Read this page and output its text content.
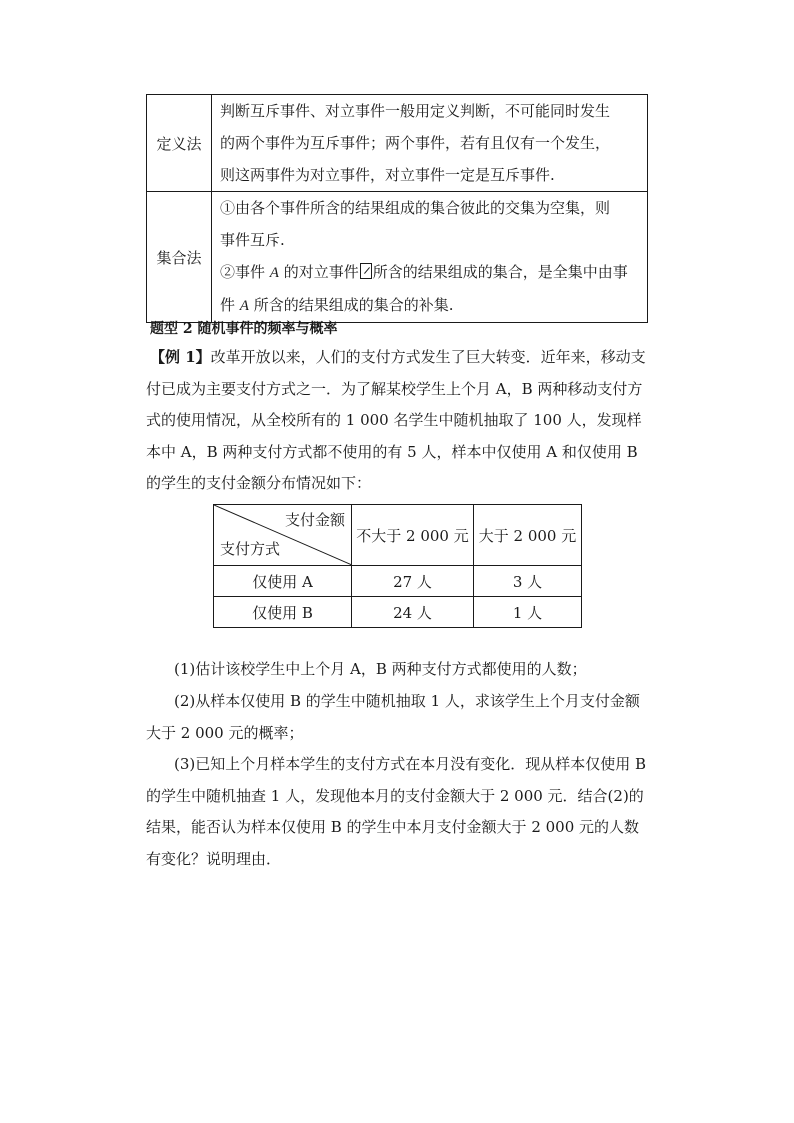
定义法	判断互斥事件、对立事件一般用定义判断，不可能同时发生
的两个事件为互斥事件；两个事件，若有且仅有一个发生，
则这两事件为对立事件，对立事件一定是互斥事件.

集合法	①由各个事件所含的结果组成的集合彼此的交集为空集，则
事件互斥.
②事件 A 的对立事件 所含的结果组成的集合，是全集中由事
件 A 所含的结果组成的集合的补集.
题型 2 随机事件的频率与概率
【例 1】改革开放以来，人们的支付方式发生了巨大转变．近年来，移动支付已成为主要支付方式之一．为了解某校学生上个月 A，B 两种移动支付方式的使用情况，从全校所有的 1 000 名学生中随机抽取了 100 人，发现样本中 A，B 两种支付方式都不使用的有 5 人，样本中仅使用 A 和仅使用 B 的学生的支付金额分布情况如下：
支付金额
支付方式	不大于 2 000 元	大于 2 000 元
仅使用 A	27 人	3 人
仅使用 B	24 人	1 人
(1)估计该校学生中上个月 A，B 两种支付方式都使用的人数；
(2)从样本仅使用 B 的学生中随机抽取 1 人，求该学生上个月支付金额大于 2 000 元的概率；
(3)已知上个月样本学生的支付方式在本月没有变化．现从样本仅使用 B 的学生中随机抽查 1 人，发现他本月的支付金额大于 2 000 元．结合(2)的结果，能否认为样本仅使用 B 的学生中本月支付金额大于 2 000 元的人数有变化？说明理由．
